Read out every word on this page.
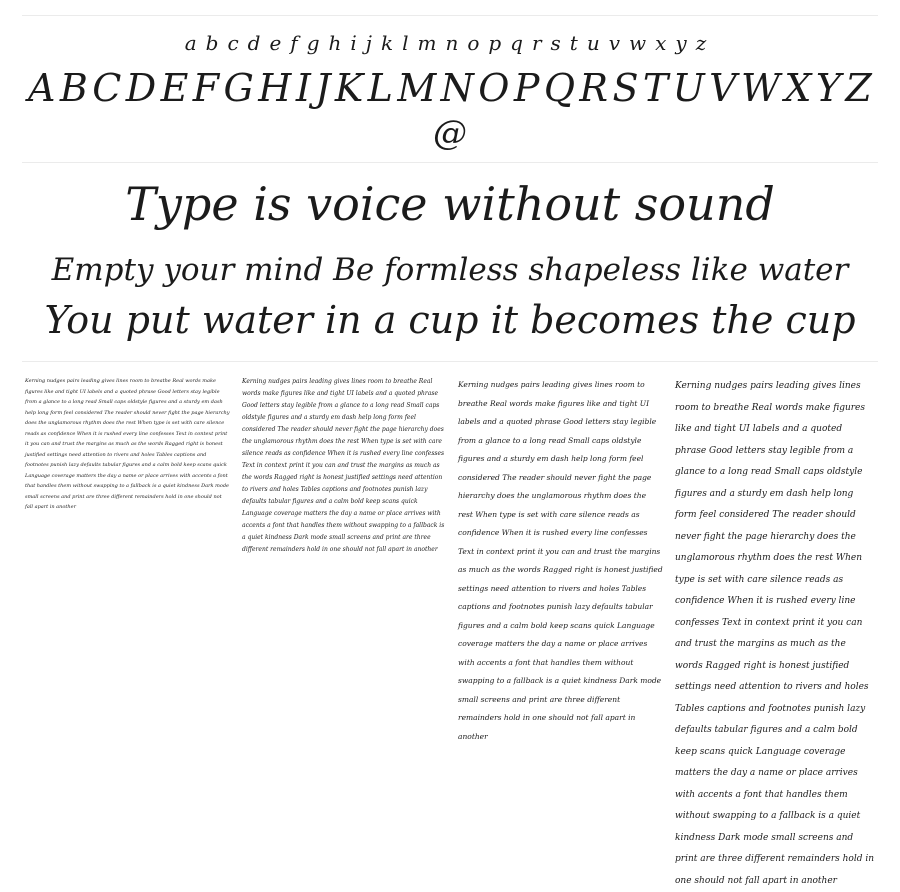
abcdefghijklmnopqrstuvwxyz
A B C D E F G H I J K L M N O P Q R S T U V W X Y Z
@
Type is voice without sound
Empty your mind Be formless shapeless like water
You put water in a cup it becomes the cup
Kerning nudges pairs leading gives lines room to breathe Real words make figures like and tight UI labels and a quoted phrase Good letters stay legible from a glance to a long read Small caps oldstyle figures and a sturdy em dash help long form feel considered The reader should never fight the page hierarchy does the unglamorous rhythm does the rest When type is set with care silence reads as confidence When it is rushed every line confesses Text in context print it you can and trust the margins as much as the words Ragged right is honest justified settings need attention to rivers and holes Tables captions and footnotes punish lazy defaults tabular figures and a calm bold keep scans quick Language coverage matters the day a name or place arrives with accents a font that handles them without swapping to a fallback is a quiet kindness Dark mode small screens and print are three different remainders hold in one should not fall apart in another
Kerning nudges pairs leading gives lines room to breathe Real words make figures like and tight UI labels and a quoted phrase Good letters stay legible from a glance to a long read Small caps oldstyle figures and a sturdy em dash help long form feel considered The reader should never fight the page hierarchy does the unglamorous rhythm does the rest When type is set with care silence reads as confidence When it is rushed every line confesses Text in context print it you can and trust the margins as much as the words Ragged right is honest justified settings need attention to rivers and holes Tables captions and footnotes punish lazy defaults tabular figures and a calm bold keep scans quick Language coverage matters the day a name or place arrives with accents a font that handles them without swapping to a fallback is a quiet kindness Dark mode small screens and print are three different remainders hold in one should not fall apart in another
Kerning nudges pairs leading gives lines room to breathe Real words make figures like and tight UI labels and a quoted phrase Good letters stay legible from a glance to a long read Small caps oldstyle figures and a sturdy em dash help long form feel considered The reader should never fight the page hierarchy does the unglamorous rhythm does the rest When type is set with care silence reads as confidence When it is rushed every line confesses Text in context print it you can and trust the margins as much as the words Ragged right is honest justified settings need attention to rivers and holes Tables captions and footnotes punish lazy defaults tabular figures and a calm bold keep scans quick Language coverage matters the day a name or place arrives with accents a font that handles them without swapping to a fallback is a quiet kindness Dark mode small screens and print are three different remainders hold in one should not fall apart in another
Kerning nudges pairs leading gives lines room to breathe Real words make figures like and tight UI labels and a quoted phrase Good letters stay legible from a glance to a long read Small caps oldstyle figures and a sturdy em dash help long form feel considered The reader should never fight the page hierarchy does the unglamorous rhythm does the rest When type is set with care silence reads as confidence When it is rushed every line confesses Text in context print it you can and trust the margins as much as the words Ragged right is honest justified settings need attention to rivers and holes Tables captions and footnotes punish lazy defaults tabular figures and a calm bold keep scans quick Language coverage matters the day a name or place arrives with accents a font that handles them without swapping to a fallback is a quiet kindness Dark mode small screens and print are three different remainders hold in one should not fall apart in another
